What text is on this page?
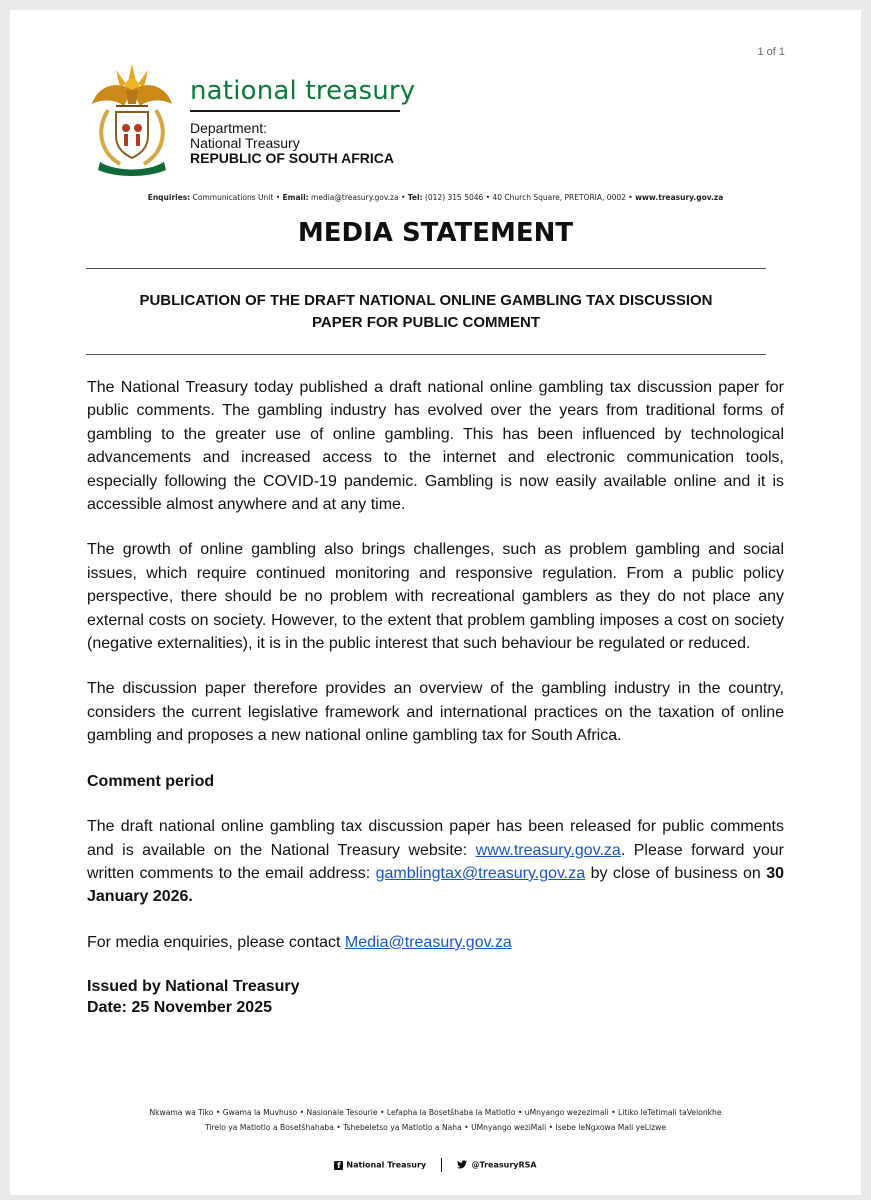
1 of 1
national treasury
Department:
National Treasury
REPUBLIC OF SOUTH AFRICA
Enquiries: Communications Unit • Email: media@treasury.gov.za • Tel: (012) 315 5046 • 40 Church Square, PRETORIA, 0002 • www.treasury.gov.za
MEDIA STATEMENT
PUBLICATION OF THE DRAFT NATIONAL ONLINE GAMBLING TAX DISCUSSION
PAPER FOR PUBLIC COMMENT

The National Treasury today published a draft national online gambling tax discussion paper for public comments. The gambling industry has evolved over the years from traditional forms of gambling to the greater use of online gambling. This has been influenced by technological advancements and increased access to the internet and electronic communication tools, especially following the COVID-19 pandemic. Gambling is now easily available online and it is accessible almost anywhere and at any time.

The growth of online gambling also brings challenges, such as problem gambling and social issues, which require continued monitoring and responsive regulation. From a public policy perspective, there should be no problem with recreational gamblers as they do not place any external costs on society. However, to the extent that problem gambling imposes a cost on society (negative externalities), it is in the public interest that such behaviour be regulated or reduced.

The discussion paper therefore provides an overview of the gambling industry in the country, considers the current legislative framework and international practices on the taxation of online gambling and proposes a new national online gambling tax for South Africa.

Comment period

The draft national online gambling tax discussion paper has been released for public comments and is available on the National Treasury website: www.treasury.gov.za. Please forward your written comments to the email address: gamblingtax@treasury.gov.za by close of business on 30 January 2026.

For media enquiries, please contact Media@treasury.gov.za

Issued by National Treasury
Date: 25 November 2025
Nkwama wa Tiko • Gwama la Muvhuso • Nasionale Tesourie • Lefapha la Bosetšhaba la Matlotlo • uMnyango wezezimali • Litiko leTetimali taVelonkhe
Tirelo ya Matlotlo a Bosetšhahaba • Tshebeletso ya Matlotlo a Naha • UMnyango weziMali • Isebe leNgxowa Mali yeLizwe
f National Treasury	@TreasuryRSA
